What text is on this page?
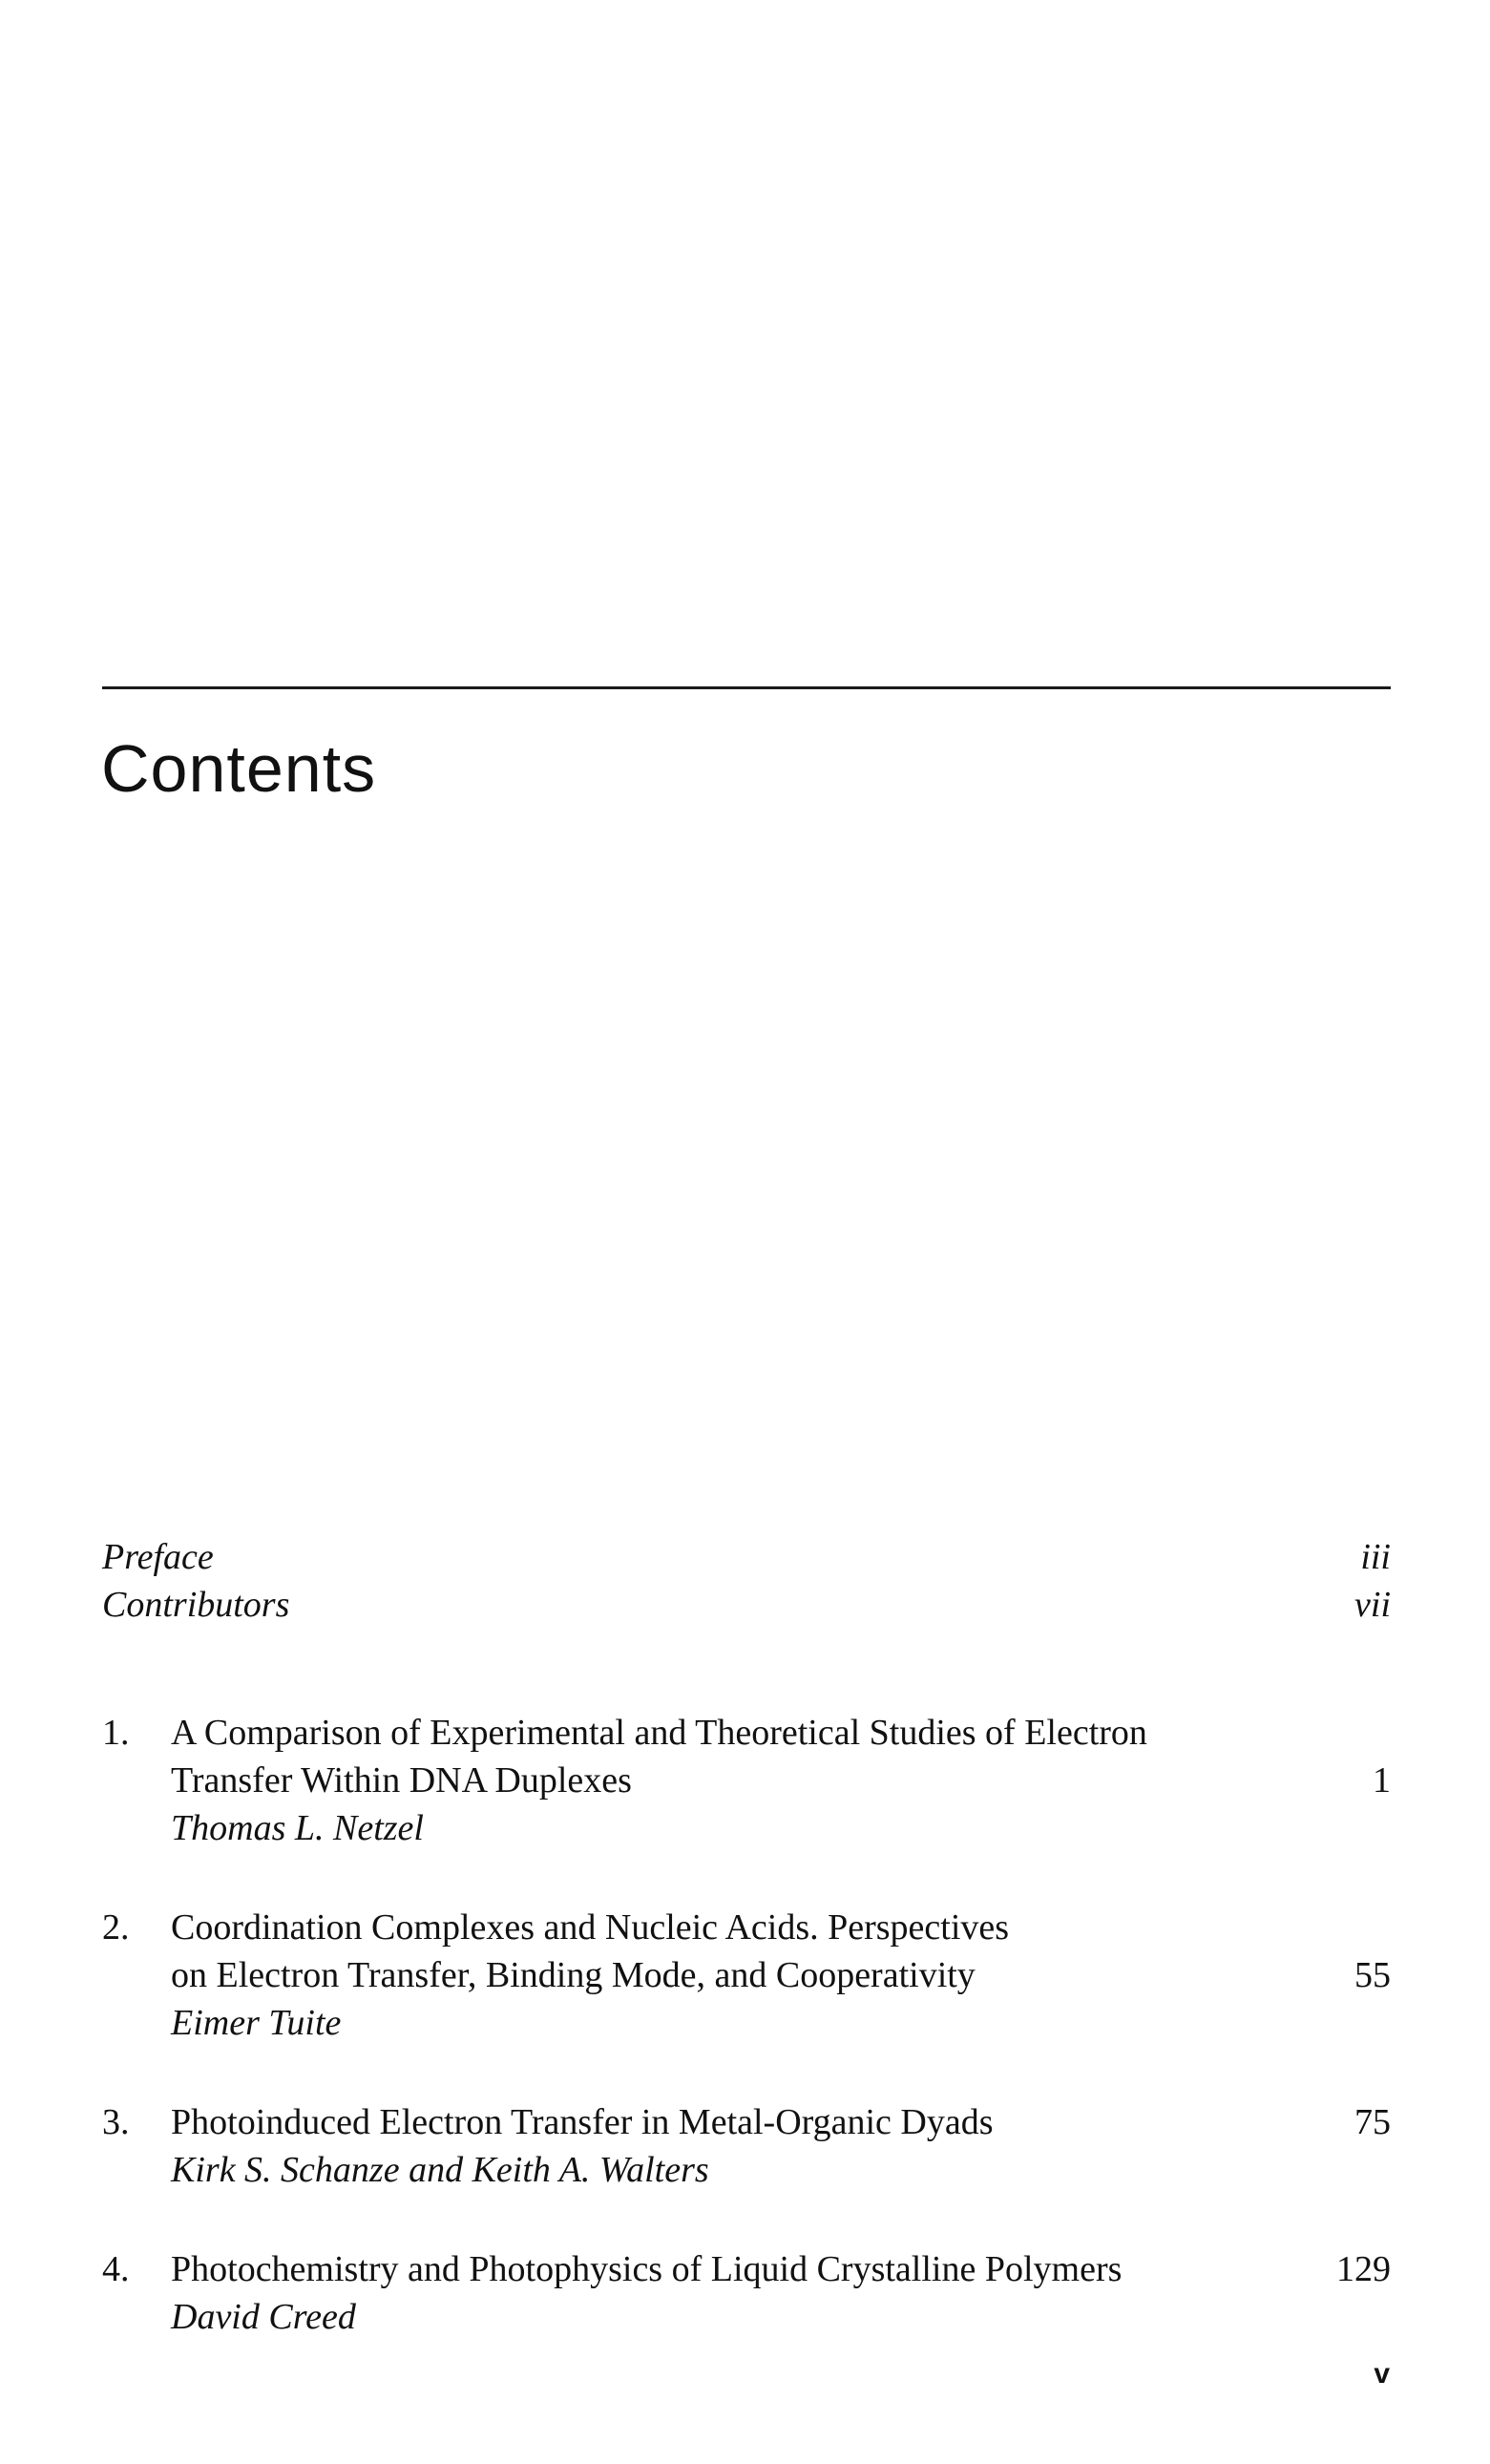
Contents
Preface	iii
Contributors	vii
1. A Comparison of Experimental and Theoretical Studies of Electron
Transfer Within DNA Duplexes	1
Thomas L. Netzel
2. Coordination Complexes and Nucleic Acids. Perspectives
on Electron Transfer, Binding Mode, and Cooperativity	55
Eimer Tuite
3. Photoinduced Electron Transfer in Metal-Organic Dyads	75
Kirk S. Schanze and Keith A. Walters
4. Photochemistry and Photophysics of Liquid Crystalline Polymers	129
David Creed
v
